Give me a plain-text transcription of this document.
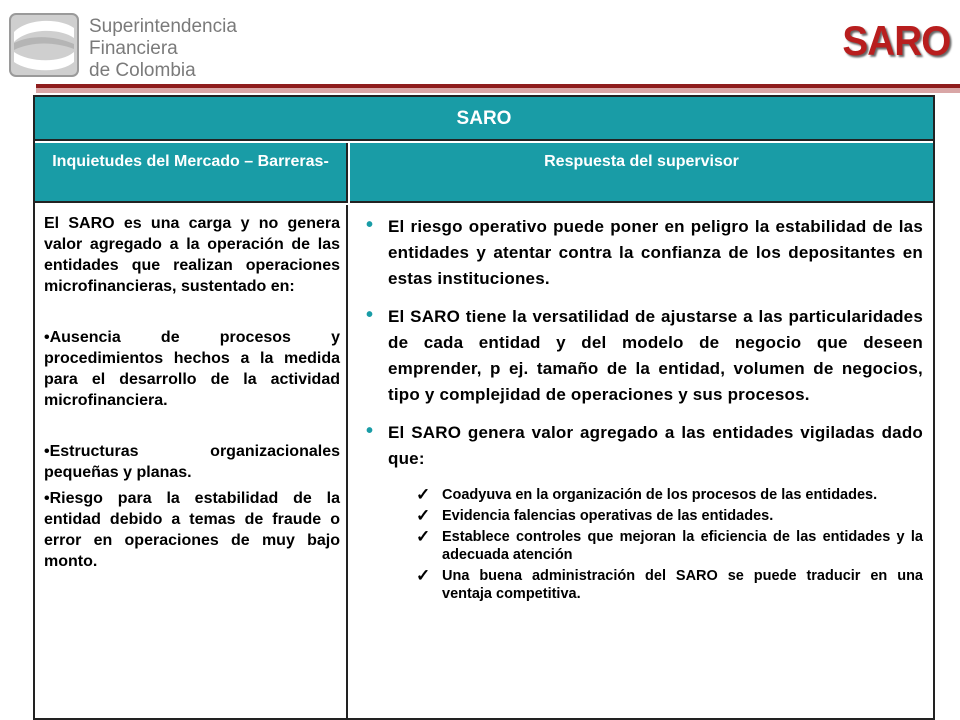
Superintendencia
Financiera
de Colombia
SARO
SARO
Inquietudes del Mercado – Barreras-	Respuesta del supervisor

El SARO es una carga y no genera valor agregado a la operación de las entidades que realizan operaciones microfinancieras, sustentado en:

•Ausencia de procesos y procedimientos hechos a la medida para el desarrollo de la actividad microfinanciera.

•Estructuras organizacionales pequeñas y planas.

•Riesgo para la estabilidad de la entidad debido a temas de fraude o error en operaciones de muy bajo monto.

• El riesgo operativo puede poner en peligro la estabilidad de las entidades y atentar contra la confianza de los depositantes en estas instituciones.
• El SARO tiene la versatilidad de ajustarse a las particularidades de cada entidad y del modelo de negocio que deseen emprender, p ej. tamaño de la entidad, volumen de negocios, tipo y complejidad de operaciones y sus procesos.
• El SARO genera valor agregado a las entidades vigiladas dado que:
✓ Coadyuva en la organización de los procesos de las entidades.
✓ Evidencia falencias operativas de las entidades.
✓ Establece controles que mejoran la eficiencia de las entidades y la adecuada atención
✓ Una buena administración del SARO se puede traducir en una ventaja competitiva.
